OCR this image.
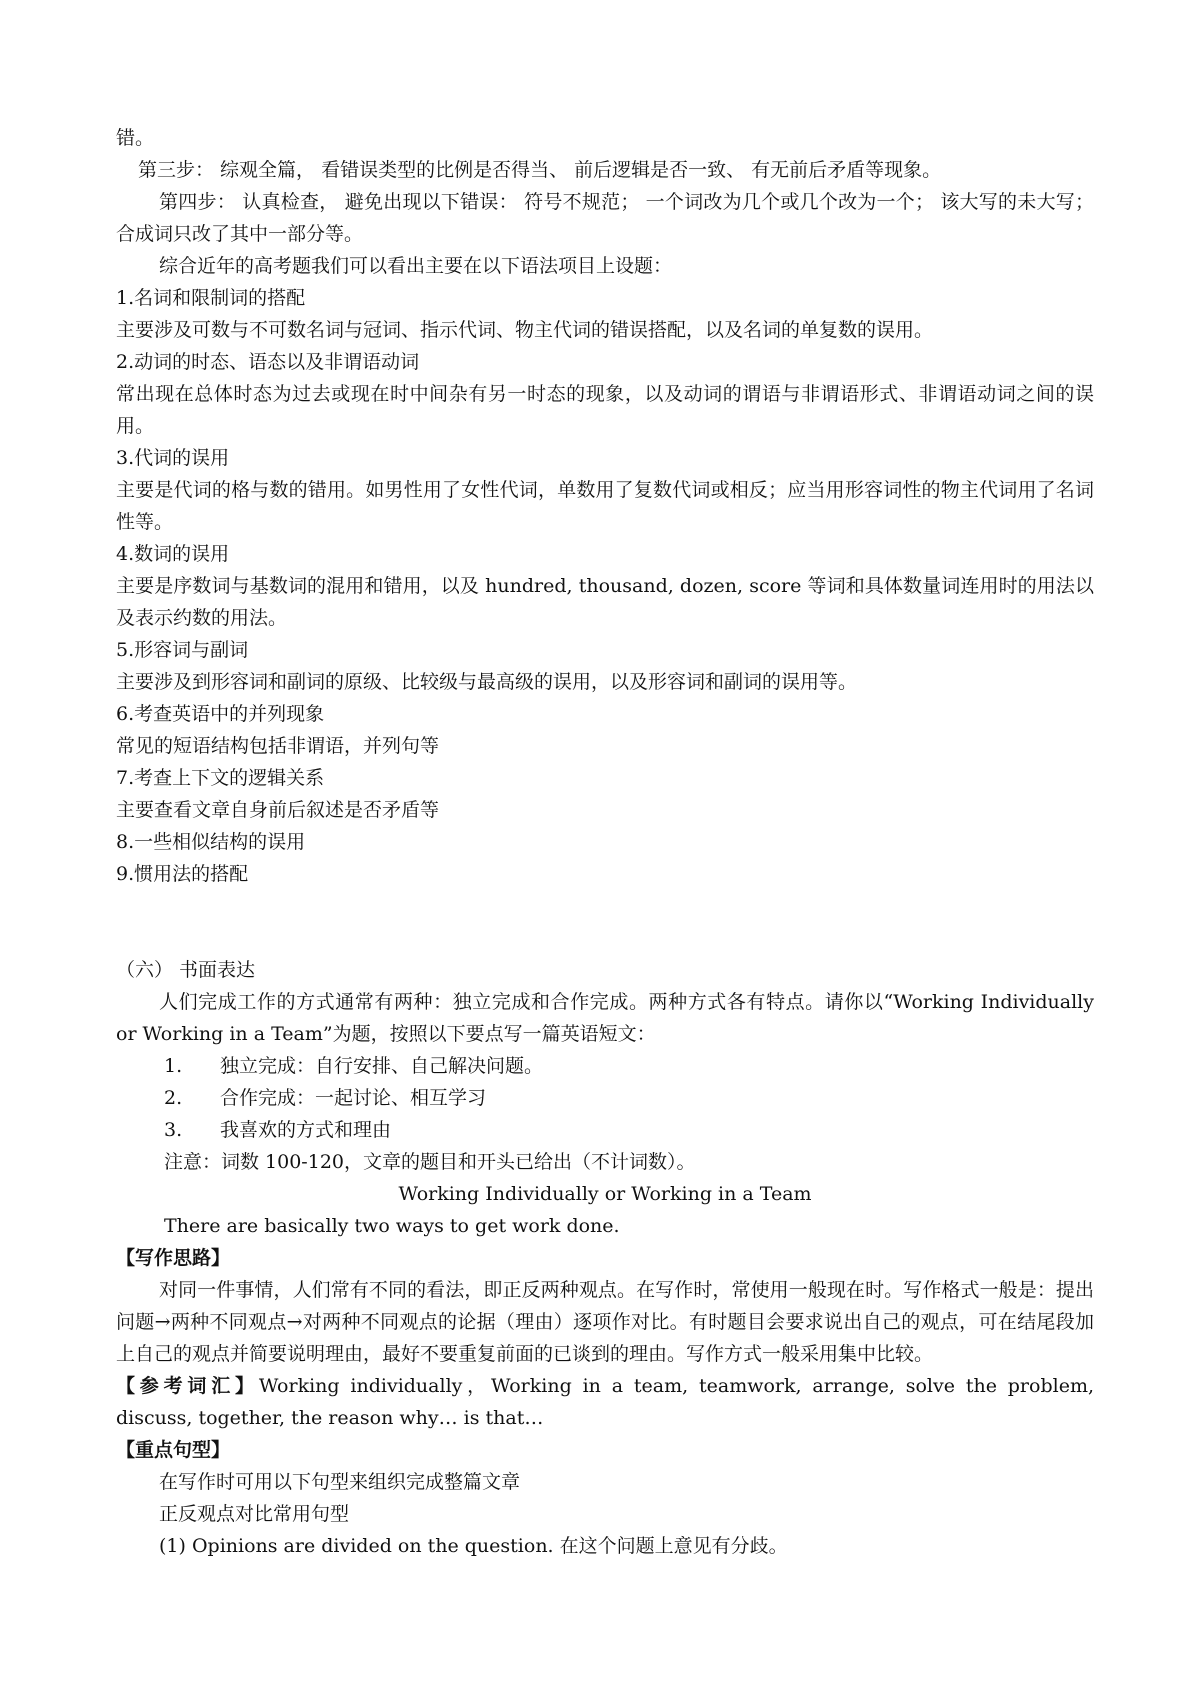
错。

第三步： 综观全篇， 看错误类型的比例是否得当、 前后逻辑是否一致、 有无前后矛盾等现象。

第四步： 认真检查， 避免出现以下错误： 符号不规范； 一个词改为几个或几个改为一个； 该大写的未大写； 合成词只改了其中一部分等。

综合近年的高考题我们可以看出主要在以下语法项目上设题：

1.名词和限制词的搭配

主要涉及可数与不可数名词与冠词、指示代词、物主代词的错误搭配，以及名词的单复数的误用。

2.动词的时态、语态以及非谓语动词

常出现在总体时态为过去或现在时中间杂有另一时态的现象，以及动词的谓语与非谓语形式、非谓语动词之间的误用。

3.代词的误用

主要是代词的格与数的错用。如男性用了女性代词，单数用了复数代词或相反；应当用形容词性的物主代词用了名词性等。

4.数词的误用

主要是序数词与基数词的混用和错用，以及 hundred, thousand, dozen, score 等词和具体数量词连用时的用法以及表示约数的用法。

5.形容词与副词

主要涉及到形容词和副词的原级、比较级与最高级的误用，以及形容词和副词的误用等。

6.考查英语中的并列现象

常见的短语结构包括非谓语，并列句等

7.考查上下文的逻辑关系

主要查看文章自身前后叙述是否矛盾等

8.一些相似结构的误用

9.惯用法的搭配

（六） 书面表达

人们完成工作的方式通常有两种：独立完成和合作完成。两种方式各有特点。请你以“Working Individually or Working in a Team”为题，按照以下要点写一篇英语短文：

1. 独立完成：自行安排、自己解决问题。

2. 合作完成：一起讨论、相互学习

3. 我喜欢的方式和理由

注意：词数 100-120，文章的题目和开头已给出（不计词数）。

Working Individually or Working in a Team

There are basically two ways to get work done.

【写作思路】

对同一件事情，人们常有不同的看法，即正反两种观点。在写作时，常使用一般现在时。写作格式一般是：提出问题→两种不同观点→对两种不同观点的论据（理由）逐项作对比。有时题目会要求说出自己的观点，可在结尾段加上自己的观点并简要说明理由，最好不要重复前面的已谈到的理由。写作方式一般采用集中比较。

【参考词汇】Working individually，Working in a team, teamwork, arrange, solve the problem, discuss, together, the reason why… is that…

【重点句型】

在写作时可用以下句型来组织完成整篇文章

正反观点对比常用句型

(1) Opinions are divided on the question. 在这个问题上意见有分歧。
